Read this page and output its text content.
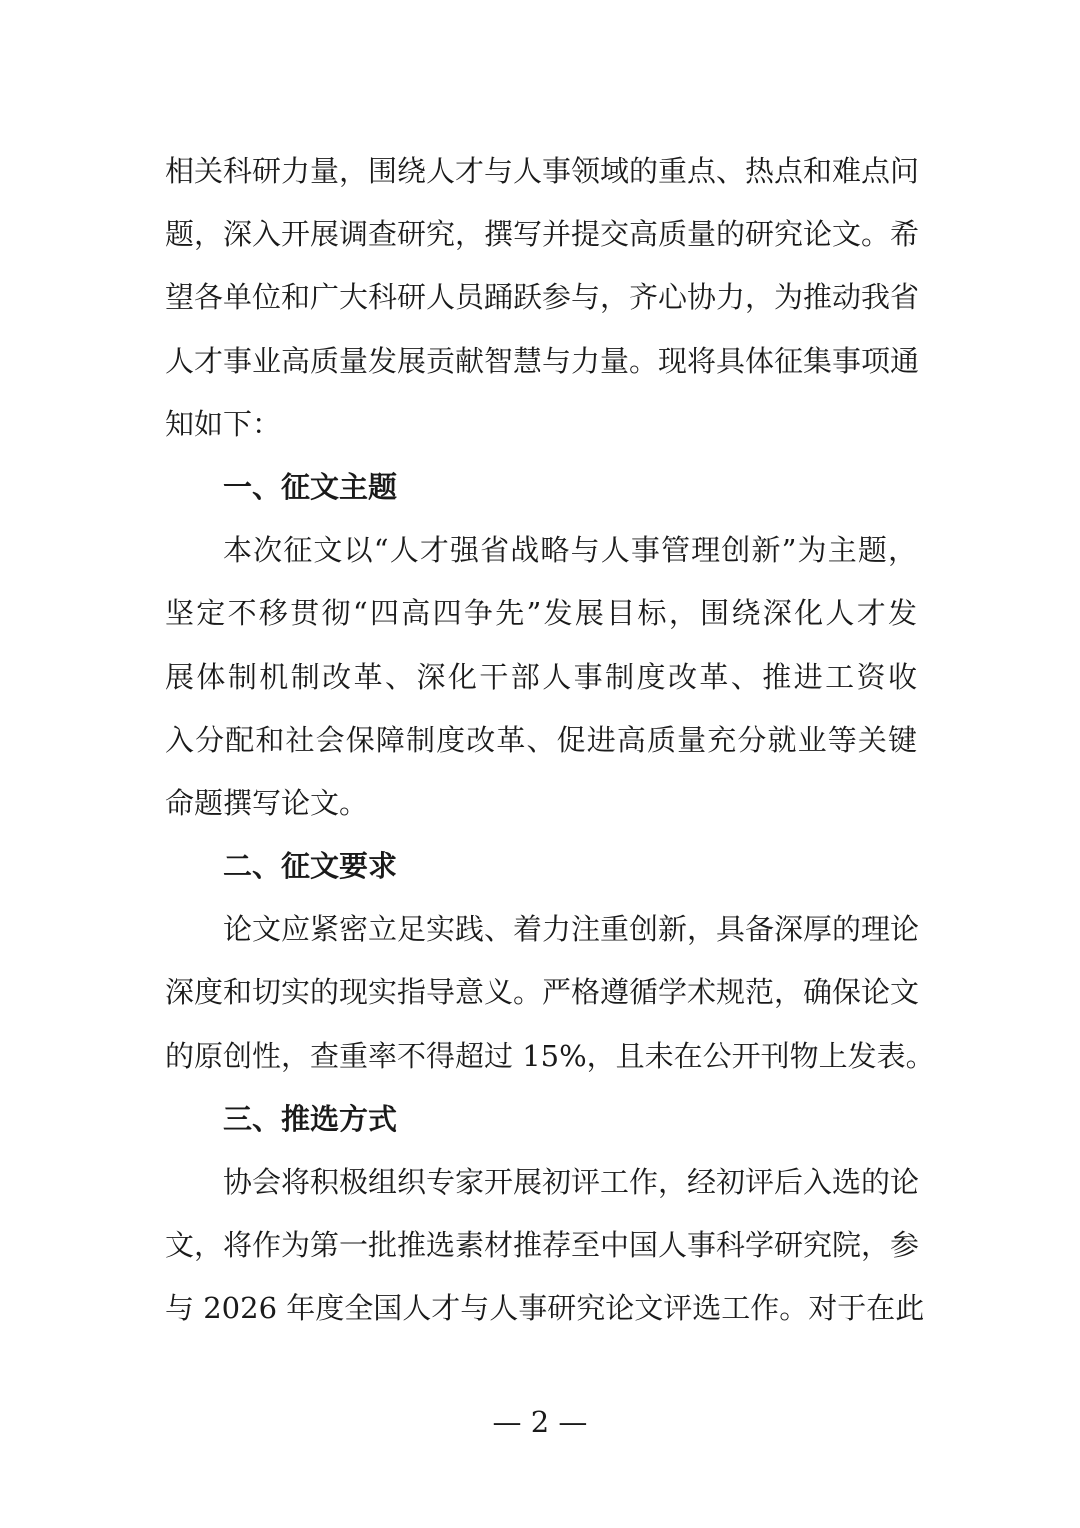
相关科研力量，围绕人才与人事领域的重点、热点和难点问
题，深入开展调查研究，撰写并提交高质量的研究论文。希
望各单位和广大科研人员踊跃参与，齐心协力，为推动我省
人才事业高质量发展贡献智慧与力量。现将具体征集事项通
知如下：
一、征文主题
本次征文以“人才强省战略与人事管理创新”为主题，
坚定不移贯彻“四高四争先”发展目标，围绕深化人才发
展体制机制改革、深化干部人事制度改革、推进工资收
入分配和社会保障制度改革、促进高质量充分就业等关键
命题撰写论文。
二、征文要求
论文应紧密立足实践、着力注重创新，具备深厚的理论
深度和切实的现实指导意义。严格遵循学术规范，确保论文
的原创性，查重率不得超过 15%，且未在公开刊物上发表。
三、推选方式
协会将积极组织专家开展初评工作，经初评后入选的论
文，将作为第一批推选素材推荐至中国人事科学研究院，参
与 2026 年度全国人才与人事研究论文评选工作。对于在此
— 2 —
